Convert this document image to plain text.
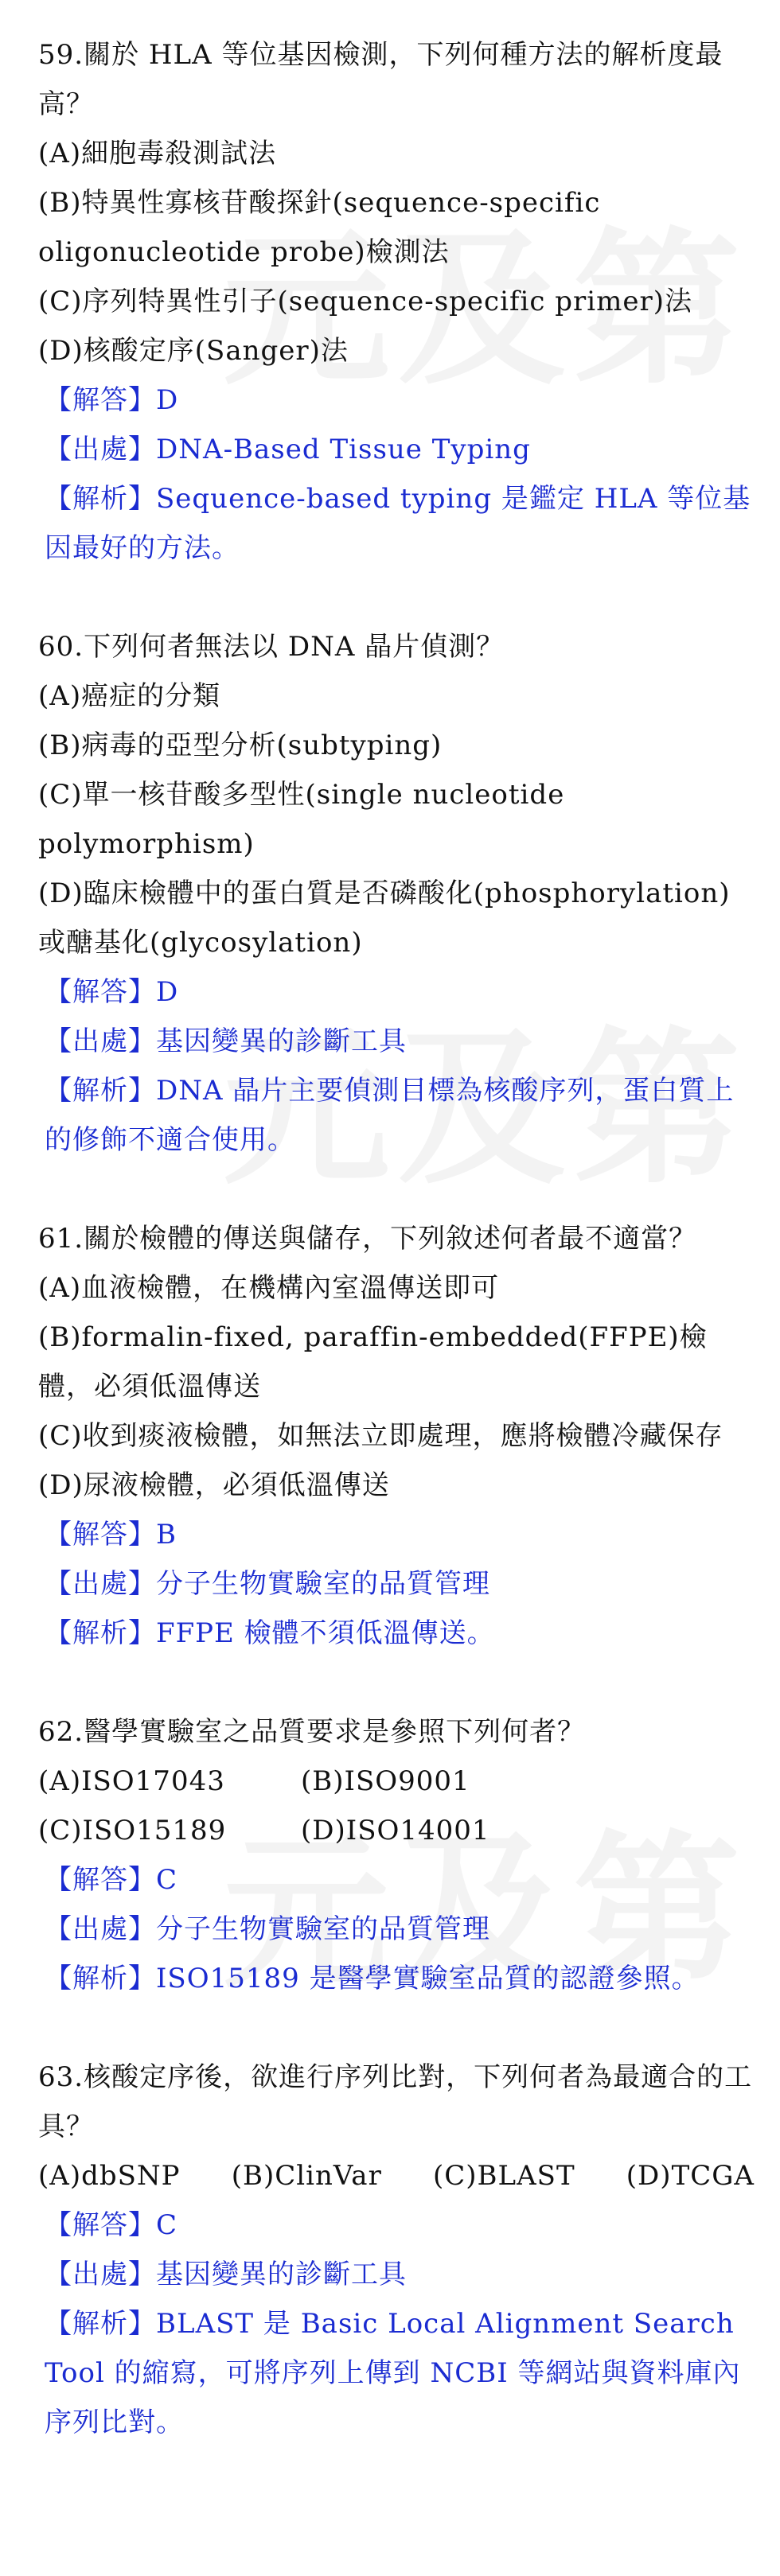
59.關於 HLA 等位基因檢測，下列何種方法的解析度最高？

(A)細胞毒殺測試法

(B)特異性寡核苷酸探針(sequence-specific oligonucleotide probe)檢測法

(C)序列特異性引子(sequence-specific primer)法

(D)核酸定序(Sanger)法

【解答】D

【出處】DNA-Based Tissue Typing

【解析】Sequence-based typing 是鑑定 HLA 等位基因最好的方法。

60.下列何者無法以 DNA 晶片偵測？

(A)癌症的分類

(B)病毒的亞型分析(subtyping)

(C)單一核苷酸多型性(single nucleotide polymorphism)

(D)臨床檢體中的蛋白質是否磷酸化(phosphorylation)或醣基化(glycosylation)

【解答】D

【出處】基因變異的診斷工具

【解析】DNA 晶片主要偵測目標為核酸序列，蛋白質上的修飾不適合使用。

61.關於檢體的傳送與儲存，下列敘述何者最不適當？

(A)血液檢體，在機構內室溫傳送即可

(B)formalin-fixed, paraffin-embedded(FFPE)檢體，必須低溫傳送

(C)收到痰液檢體，如無法立即處理，應將檢體冷藏保存

(D)尿液檢體，必須低溫傳送

【解答】B

【出處】分子生物實驗室的品質管理

【解析】FFPE 檢體不須低溫傳送。

62.醫學實驗室之品質要求是參照下列何者？

(A)ISO17043	(B)ISO9001
(C)ISO15189	(D)ISO14001

【解答】C

【出處】分子生物實驗室的品質管理

【解析】ISO15189 是醫學實驗室品質的認證參照。

63.核酸定序後，欲進行序列比對，下列何者為最適合的工具？

(A)dbSNP (B)ClinVar (C)BLAST (D)TCGA

【解答】C

【出處】基因變異的診斷工具

【解析】BLAST 是 Basic Local Alignment Search Tool 的縮寫，可將序列上傳到 NCBI 等網站與資料庫內序列比對。
